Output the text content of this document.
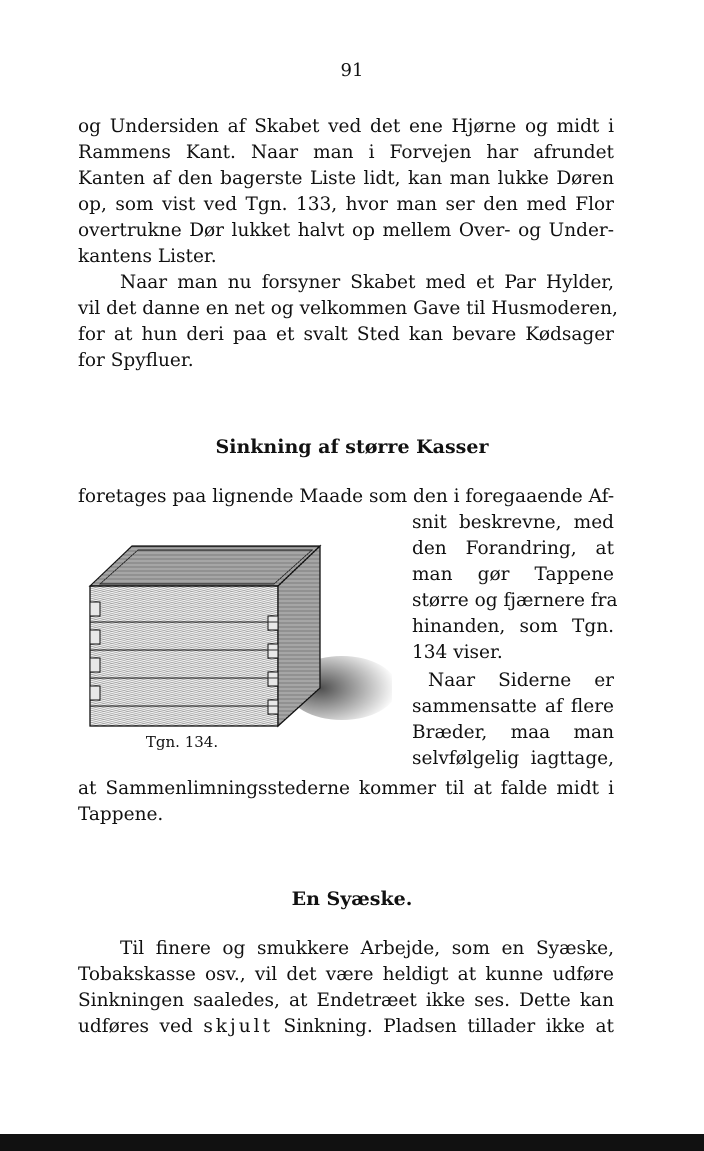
91
og Undersiden af Skabet ved det ene Hjørne og midt i
Rammens Kant. Naar man i Forvejen har afrundet
Kanten af den bagerste Liste lidt, kan man lukke Døren
op, som vist ved Tgn. 133, hvor man ser den med Flor
overtrukne Dør lukket halvt op mellem Over- og Under-
kantens Lister.
Naar man nu forsyner Skabet med et Par Hylder,
vil det danne en net og velkommen Gave til Husmoderen,
for at hun deri paa et svalt Sted kan bevare Kødsager
for Spyfluer.
Sinkning af større Kasser
foretages paa lignende Maade som den i foregaaende Af-
snit beskrevne, med
den Forandring, at
man gør Tappene
større og fjærnere fra
hinanden, som Tgn.
134 viser.
Naar Siderne er
sammensatte af flere
Bræder, maa man
selvfølgelig iagttage,
Tgn. 134.
at Sammenlimningsstederne kommer til at falde midt i
Tappene.
En Syæske.
Til finere og smukkere Arbejde, som en Syæske,
Tobakskasse osv., vil det være heldigt at kunne udføre
Sinkningen saaledes, at Endetræet ikke ses. Dette kan
udføres ved skjult Sinkning. Pladsen tillader ikke at
